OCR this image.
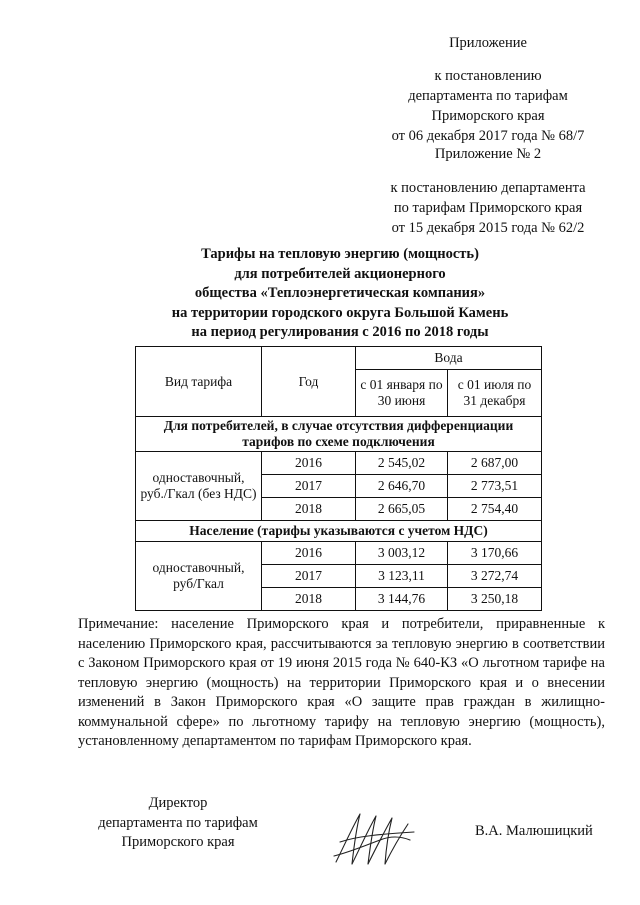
Приложение
к постановлению
департамента по тарифам
Приморского края
от 06 декабря 2017 года № 68/7
Приложение № 2
к постановлению департамента
по тарифам Приморского края
от 15 декабря 2015 года № 62/2
Тарифы на тепловую энергию (мощность)
для потребителей акционерного
общества «Теплоэнергетическая компания»
на территории городского округа Большой Камень
на период регулирования с 2016 по 2018 годы
Вид тарифа	Год	Вода	
		с 01 января по 30 июня	с 01 июля по 31 декабря
Для потребителей, в случае отсутствия дифференциации тарифов по схеме подключения			
одноставочный, руб./Гкал (без НДС)	2016	2 545,02	2 687,00
	2017	2 646,70	2 773,51
	2018	2 665,05	2 754,40
Население (тарифы указываются с учетом НДС)			
одноставочный, руб/Гкал	2016	3 003,12	3 170,66
	2017	3 123,11	3 272,74
	2018	3 144,76	3 250,18
Примечание: население Приморского края и потребители, приравненные к населению Приморского края, рассчитываются за тепловую энергию в соответствии с Законом Приморского края от 19 июня 2015 года № 640-КЗ «О льготном тарифе на тепловую энергию (мощность) на территории Приморского края и о внесении изменений в Закон Приморского края «О защите прав граждан в жилищно-коммунальной сфере» по льготному тарифу на тепловую энергию (мощность), установленному департаментом по тарифам Приморского края.
Директор
департамента по тарифам
Приморского края
В.А. Малюшицкий
